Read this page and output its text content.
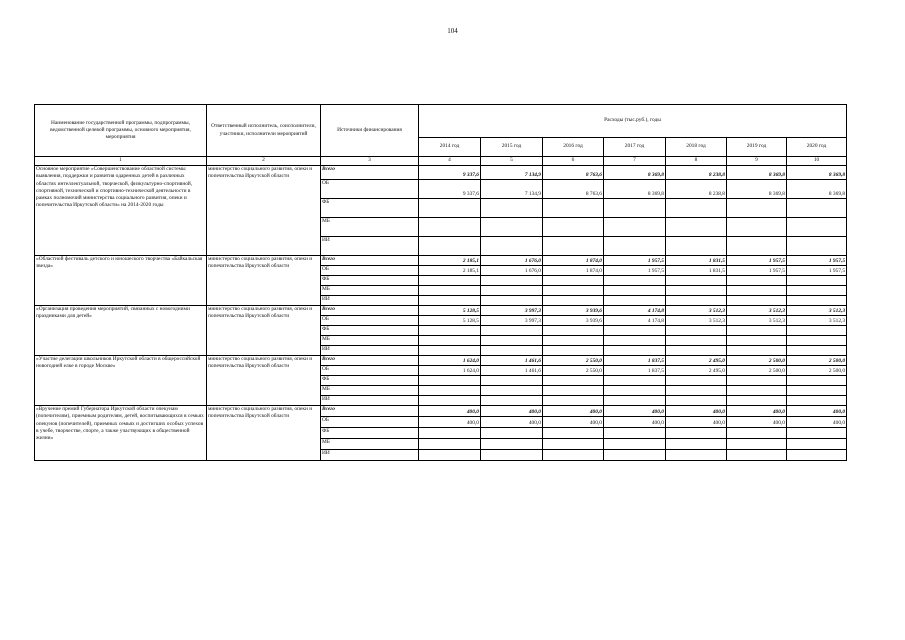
104
Наименование государственной программы, подпрограммы, ведомственной целевой программы, основного мероприятия, мероприятия	Ответственный исполнитель, соисполнители, участники, исполнители мероприятий	Источники финансирования	Расходы (тыс.руб.), годы						
			2014 год	2015 год	2016 год	2017 год	2018 год	2019 год	2020 год
1	2	3	4	5	6	7	8	9	10
Основное мероприятие «Совершенствование областной системы выявления, поддержки и развития одаренных детей в различных областях интеллектуальной, творческой, физкультурно-спортивной, спортивной, технической и спортивно-технической деятельности в рамках полномочий министерства социального развития, опеки и попечительства Иркутской области» на 2014-2020 годы	министерство социального развития, опеки и попечительства Иркутской области	Всего	9 337,6	7 134,9	8 763,6	8 369,8	8 238,8	8 369,8	8 369,8
		ОБ	9 337,6	7 134,9	8 763,6	8 369,8	8 238,8	8 369,8	8 369,8
		ФБ							
		МБ							
		ИИ							
«Областной фестиваль детского и юношеского творчества «Байкальская звезда»	министерство социального развития, опеки и попечительства Иркутской области	Всего	2 185,1	1 676,0	1 874,0	1 957,5	1 831,5	1 957,5	1 957,5
		ОБ	2 185,1	1 676,0	1 874,0	1 957,5	1 831,5	1 957,5	1 957,5
		ФБ							
		МБ							
		ИИ							
«Организация проведения мероприятий, связанных с новогодними праздниками для детей»	министерство социального развития, опеки и попечительства Иркутской области	Всего	5 128,5	3 997,3	3 939,6	4 174,8	3 512,3	3 512,3	3 512,3
		ОБ	5 128,5	3 997,3	3 939,6	4 174,8	3 512,3	3 512,3	3 512,3
		ФБ							
		МБ							
		ИИ							
«Участие делегации школьников Иркутской области в общероссийской новогодней елке в городе Москве»	министерство социального развития, опеки и попечительства Иркутской области	Всего	1 624,0	1 461,6	2 550,0	1 837,5	2 495,0	2 500,0	2 500,0
		ОБ	1 624,0	1 461,6	2 550,0	1 837,5	2 495,0	2 500,0	2 500,0
		ФБ							
		МБ							
		ИИ							
«Вручение премий Губернатора Иркутской области опекунам (попечителям), приемным родителям, детей, воспитывающихся в семьях опекунов (попечителей), приемных семьях и достигших особых успехов в учебе, творчестве, спорте, а также участвующих в общественной жизни»	министерство социального развития, опеки и попечительства Иркутской области	Всего	400,0	400,0	400,0	400,0	400,0	400,0	400,0
		ОБ	400,0	400,0	400,0	400,0	400,0	400,0	400,0
		ФБ							
		МБ							
		ИИ							
